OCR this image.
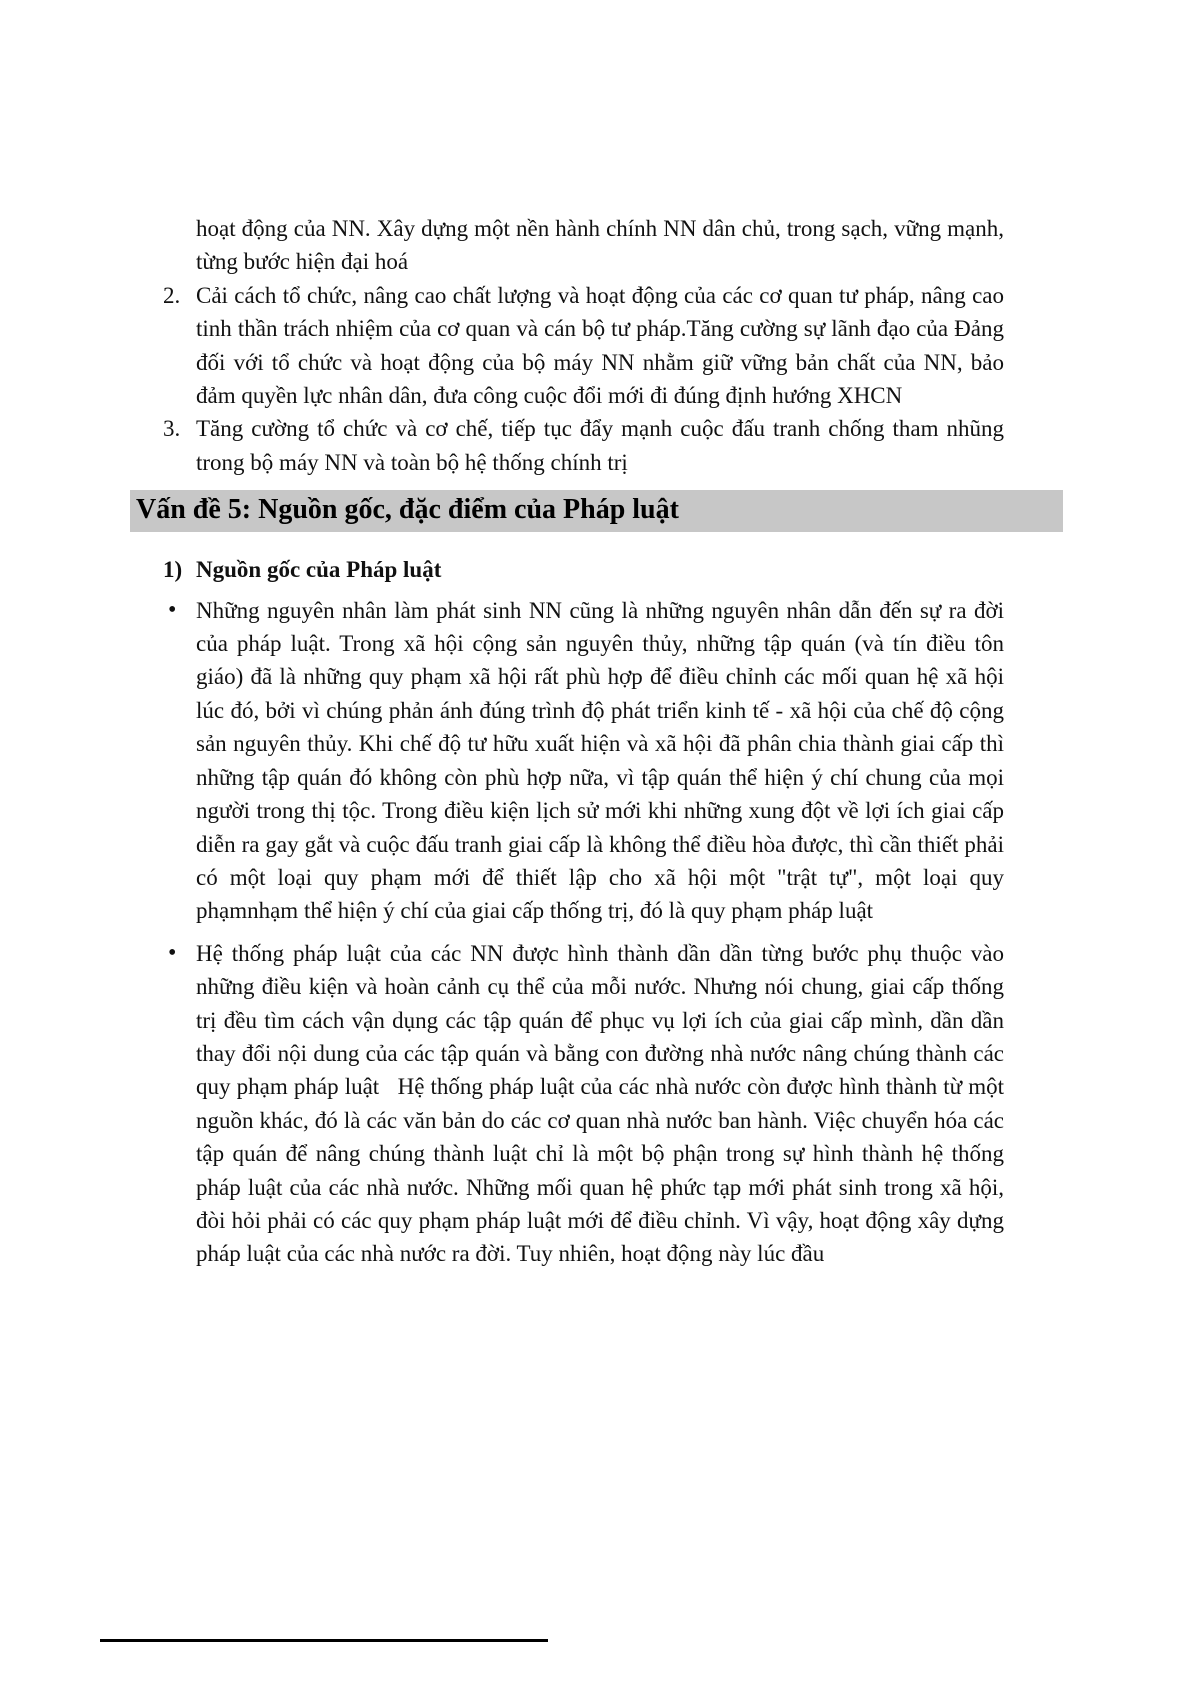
hoạt động của NN. Xây dựng một nền hành chính NN dân chủ, trong sạch, vững mạnh, từng bước hiện đại hoá

2. Cải cách tổ chức, nâng cao chất lượng và hoạt động của các cơ quan tư pháp, nâng cao tinh thần trách nhiệm của cơ quan và cán bộ tư pháp.Tăng cường sự lãnh đạo của Đảng đối với tổ chức và hoạt động của bộ máy NN nhằm giữ vững bản chất của NN, bảo đảm quyền lực nhân dân, đưa công cuộc đổi mới đi đúng định hướng XHCN

3. Tăng cường tổ chức và cơ chế, tiếp tục đẩy mạnh cuộc đấu tranh chống tham nhũng trong bộ máy NN và toàn bộ hệ thống chính trị

Vấn đề 5: Nguồn gốc, đặc điểm của Pháp luật
1) Nguồn gốc của Pháp luật
• Những nguyên nhân làm phát sinh NN cũng là những nguyên nhân dẫn đến sự ra đời của pháp luật. Trong xã hội cộng sản nguyên thủy, những tập quán (và tín điều tôn giáo) đã là những quy phạm xã hội rất phù hợp để điều chỉnh các mối quan hệ xã hội lúc đó, bởi vì chúng phản ánh đúng trình độ phát triển kinh tế - xã hội của chế độ cộng sản nguyên thủy. Khi chế độ tư hữu xuất hiện và xã hội đã phân chia thành giai cấp thì những tập quán đó không còn phù hợp nữa, vì tập quán thể hiện ý chí chung của mọi người trong thị tộc. Trong điều kiện lịch sử mới khi những xung đột về lợi ích giai cấp diễn ra gay gắt và cuộc đấu tranh giai cấp là không thể điều hòa được, thì cần thiết phải có một loại quy phạm mới để thiết lập cho xã hội một "trật tự", một loại quy phạmnhạm thể hiện ý chí của giai cấp thống trị, đó là quy phạm pháp luật

• Hệ thống pháp luật của các NN được hình thành dần dần từng bước phụ thuộc vào những điều kiện và hoàn cảnh cụ thể của mỗi nước. Nhưng nói chung, giai cấp thống trị đều tìm cách vận dụng các tập quán để phục vụ lợi ích của giai cấp mình, dần dần thay đổi nội dung của các tập quán và bằng con đường nhà nước nâng chúng thành các quy phạm pháp luật   Hệ thống pháp luật của các nhà nước còn được hình thành từ một nguồn khác, đó là các văn bản do các cơ quan nhà nước ban hành. Việc chuyển hóa các tập quán để nâng chúng thành luật chỉ là một bộ phận trong sự hình thành hệ thống pháp luật của các nhà nước. Những mối quan hệ phức tạp mới phát sinh trong xã hội, đòi hỏi phải có các quy phạm pháp luật mới để điều chỉnh. Vì vậy, hoạt động xây dựng pháp luật của các nhà nước ra đời. Tuy nhiên, hoạt động này lúc đầu
